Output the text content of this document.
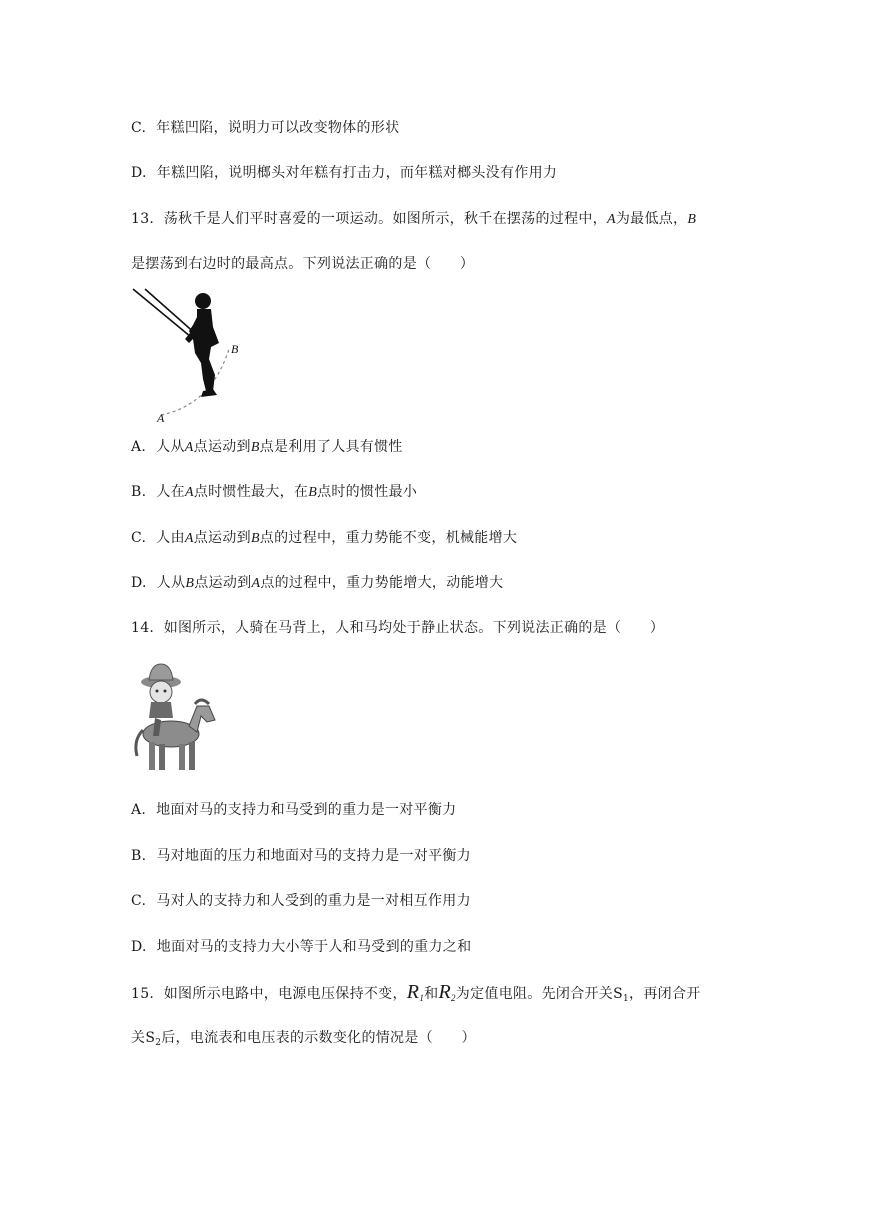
C. 年糕凹陷，说明力可以改变物体的形状
D. 年糕凹陷，说明榔头对年糕有打击力，而年糕对榔头没有作用力
13. 荡秋千是人们平时喜爱的一项运动。如图所示，秋千在摆荡的过程中，A为最低点，B
是摆荡到右边时的最高点。下列说法正确的是（　　）
B
A
A. 人从A点运动到B点是利用了人具有惯性
B. 人在A点时惯性最大，在B点时的惯性最小
C. 人由A点运动到B点的过程中，重力势能不变，机械能增大
D. 人从B点运动到A点的过程中，重力势能增大，动能增大
14. 如图所示，人骑在马背上，人和马均处于静止状态。下列说法正确的是（　　）
A. 地面对马的支持力和马受到的重力是一对平衡力
B. 马对地面的压力和地面对马的支持力是一对平衡力
C. 马对人的支持力和人受到的重力是一对相互作用力
D. 地面对马的支持力大小等于人和马受到的重力之和
15. 如图所示电路中，电源电压保持不变，$R_1$和$R_2$为定值电阻。先闭合开关$S_1$，再闭合开
关$S_2$后，电流表和电压表的示数变化的情况是（　　）
